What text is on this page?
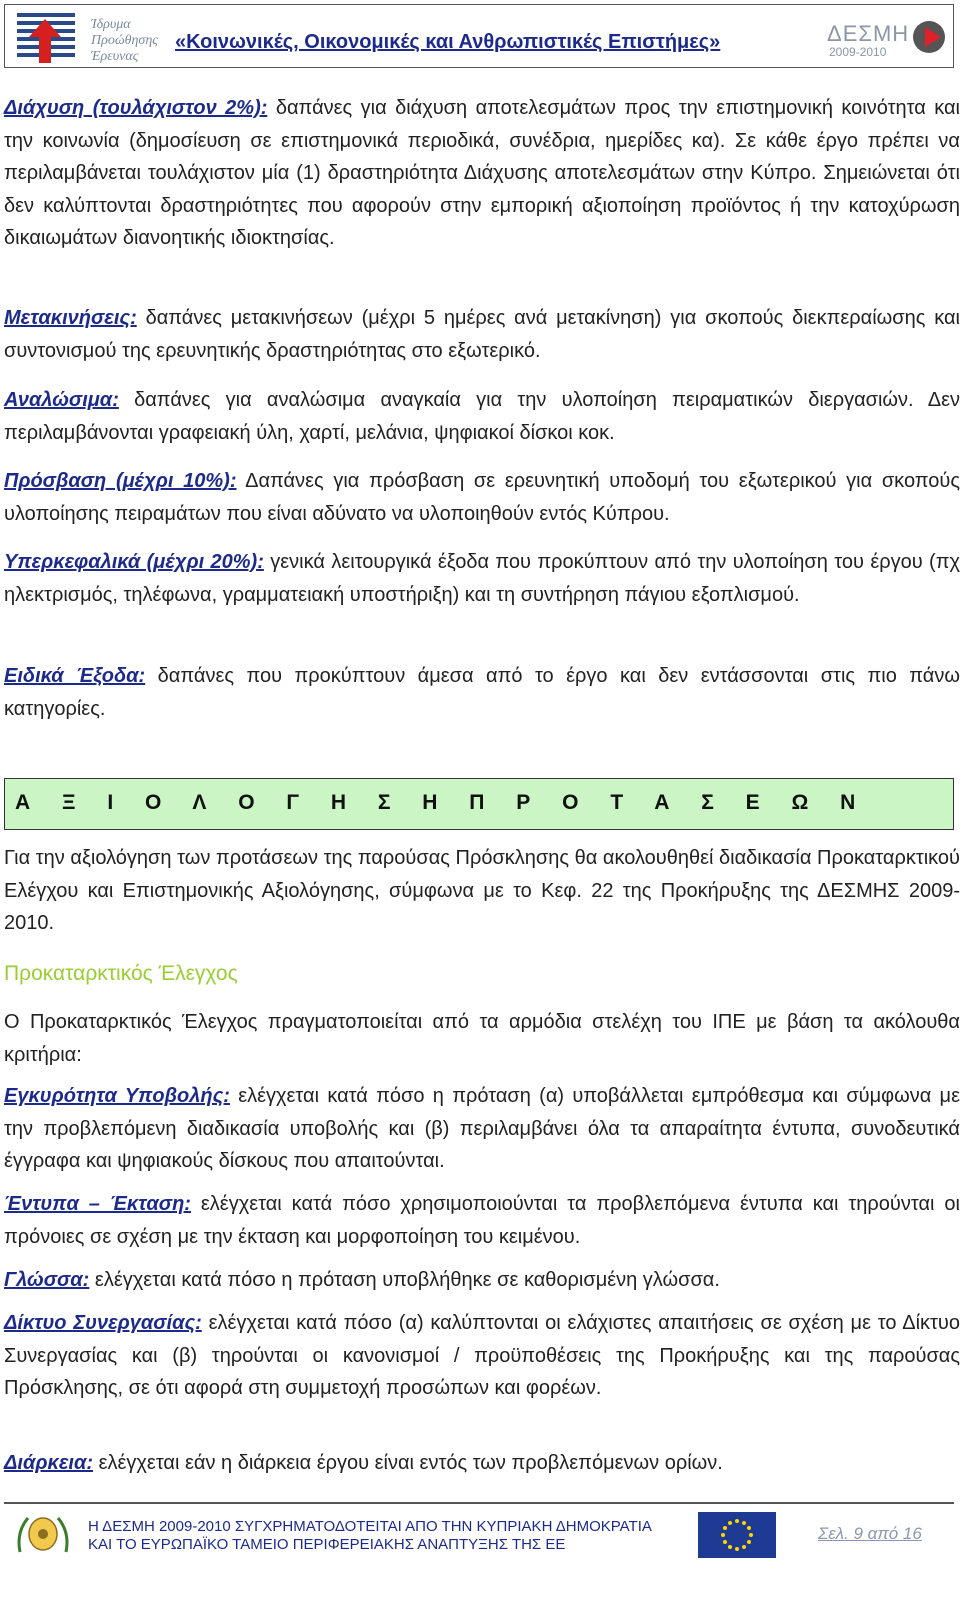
Ίδρυμα
Προώθησης
Έρευνας
«Κοινωνικές, Οικονομικές και Ανθρωπιστικές Επιστήμες»	ΔΕΣΜΗ
2009-2010
Διάχυση (τουλάχιστον 2%): δαπάνες για διάχυση αποτελεσμάτων προς την επιστημονική κοινότητα και την κοινωνία (δημοσίευση σε επιστημονικά περιοδικά, συνέδρια, ημερίδες κα). Σε κάθε έργο πρέπει να περιλαμβάνεται τουλάχιστον μία (1) δραστηριότητα Διάχυσης αποτελεσμάτων στην Κύπρο. Σημειώνεται ότι δεν καλύπτονται δραστηριότητες που αφορούν στην εμπορική αξιοποίηση προϊόντος ή την κατοχύρωση δικαιωμάτων διανοητικής ιδιοκτησίας.
Μετακινήσεις: δαπάνες μετακινήσεων (μέχρι 5 ημέρες ανά μετακίνηση) για σκοπούς διεκπεραίωσης και συντονισμού της ερευνητικής δραστηριότητας στο εξωτερικό.
Αναλώσιμα: δαπάνες για αναλώσιμα αναγκαία για την υλοποίηση πειραματικών διεργασιών. Δεν περιλαμβάνονται γραφειακή ύλη, χαρτί, μελάνια, ψηφιακοί δίσκοι κοκ.
Πρόσβαση (μέχρι 10%): Δαπάνες για πρόσβαση σε ερευνητική υποδομή του εξωτερικού για σκοπούς υλοποίησης πειραμάτων που είναι αδύνατο να υλοποιηθούν εντός Κύπρου.
Υπερκεφαλικά (μέχρι 20%): γενικά λειτουργικά έξοδα που προκύπτουν από την υλοποίηση του έργου (πχ ηλεκτρισμός, τηλέφωνα, γραμματειακή υποστήριξη) και τη συντήρηση πάγιου εξοπλισμού.
Ειδικά Έξοδα: δαπάνες που προκύπτουν άμεσα από το έργο και δεν εντάσσονται στις πιο πάνω κατηγορίες.
Α Ξ Ι Ο Λ Ο Γ Η Σ Η Π Ρ Ο Τ Α Σ Ε Ω Ν
Για την αξιολόγηση των προτάσεων της παρούσας Πρόσκλησης θα ακολουθηθεί διαδικασία Προκαταρκτικού Ελέγχου και Επιστημονικής Αξιολόγησης, σύμφωνα με το Κεφ. 22 της Προκήρυξης της ΔΕΣΜΗΣ 2009-2010.
Προκαταρκτικός Έλεγχος
Ο Προκαταρκτικός Έλεγχος πραγματοποιείται από τα αρμόδια στελέχη του ΙΠΕ με βάση τα ακόλουθα κριτήρια:
Εγκυρότητα Υποβολής: ελέγχεται κατά πόσο η πρόταση (α) υποβάλλεται εμπρόθεσμα και σύμφωνα με την προβλεπόμενη διαδικασία υποβολής και (β) περιλαμβάνει όλα τα απαραίτητα έντυπα, συνοδευτικά έγγραφα και ψηφιακούς δίσκους που απαιτούνται.
Έντυπα – Έκταση: ελέγχεται κατά πόσο χρησιμοποιούνται τα προβλεπόμενα έντυπα και τηρούνται οι πρόνοιες σε σχέση με την έκταση και μορφοποίηση του κειμένου.
Γλώσσα: ελέγχεται κατά πόσο η πρόταση υποβλήθηκε σε καθορισμένη γλώσσα.
Δίκτυο Συνεργασίας: ελέγχεται κατά πόσο (α) καλύπτονται οι ελάχιστες απαιτήσεις σε σχέση με το Δίκτυο Συνεργασίας και (β) τηρούνται οι κανονισμοί / προϋποθέσεις της Προκήρυξης και της παρούσας Πρόσκλησης, σε ότι αφορά στη συμμετοχή προσώπων και φορέων.
Διάρκεια: ελέγχεται εάν η διάρκεια έργου είναι εντός των προβλεπόμενων ορίων.
Η ΔΕΣΜΗ 2009-2010 ΣΥΓΧΡΗΜΑΤΟΔΟΤΕΙΤΑΙ ΑΠΟ ΤΗΝ ΚΥΠΡΙΑΚΗ ΔΗΜΟΚΡΑΤΙΑ
ΚΑΙ ΤΟ ΕΥΡΩΠΑΪΚΟ ΤΑΜΕΙΟ ΠΕΡΙΦΕΡΕΙΑΚΗΣ ΑΝΑΠΤΥΞΗΣ ΤΗΣ ΕΕ
Σελ. 9 από 16
